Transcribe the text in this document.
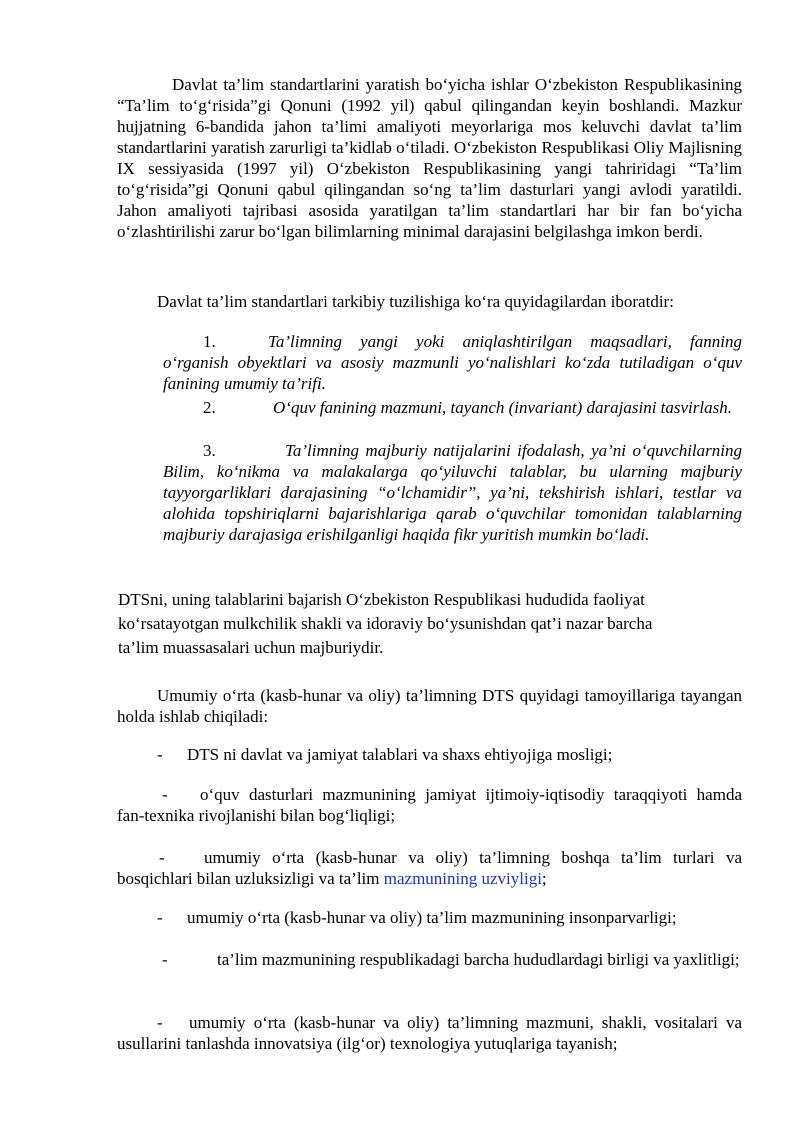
Davlat ta’lim standartlarini yaratish bo‘yicha ishlar O‘zbekiston Respublikasining “Ta’lim to‘g‘risida”gi Qonuni (1992 yil) qabul qilingandan keyin boshlandi. Mazkur hujjatning 6-bandida jahon ta’limi amaliyoti meyorlariga mos keluvchi davlat ta’lim standartlarini yaratish zarurligi ta’kidlab o‘tiladi. O‘zbekiston Respublikasi Oliy Majlisning IX sessiyasida (1997 yil) O‘zbekiston Respublikasining yangi tahriridagi “Ta’lim to‘g‘risida”gi Qonuni qabul qilingandan so‘ng ta’lim dasturlari yangi avlodi yaratildi. Jahon amaliyoti tajribasi asosida yaratilgan ta’lim standartlari har bir fan bo‘yicha o‘zlashtirilishi zarur bo‘lgan bilimlarning minimal darajasini belgilashga imkon berdi.

Davlat ta’lim standartlari tarkibiy tuzilishiga ko‘ra quyidagilardan iboratdir:

1.	Ta’limning yangi yoki aniqlashtirilgan maqsadlari, fanning o‘rganish obyektlari va asosiy mazmunli yo‘nalishlari ko‘zda tutiladigan o‘quv fanining umumiy ta’rifi.

2.	O‘quv fanining mazmuni, tayanch (invariant) darajasini tasvirlash.

3.	Ta’limning majburiy natijalarini ifodalash, ya’ni o‘quvchilarning Bilim, ko‘nikma va malakalarga qo‘yiluvchi talablar, bu ularning majburiy tayyorgarliklari darajasining “o‘lchamidir”, ya’ni, tekshirish ishlari, testlar va alohida topshiriqlarni bajarishlariga qarab o‘quvchilar tomonidan talablarning majburiy darajasiga erishilganligi haqida fikr yuritish mumkin bo‘ladi.

DTSni, uning talablarini bajarish O‘zbekiston Respublikasi hududida faoliyat
ko‘rsatayotgan mulkchilik shakli va idoraviy bo‘ysunishdan qat’i nazar barcha
ta’lim muassasalari uchun majburiydir.

Umumiy o‘rta (kasb-hunar va oliy) ta’limning DTS quyidagi tamoyillariga tayangan holda ishlab chiqiladi:

- DTS ni davlat va jamiyat talablari va shaxs ehtiyojiga mosligi;

- o‘quv dasturlari mazmunining jamiyat ijtimoiy-iqtisodiy taraqqiyoti hamda fan-texnika rivojlanishi bilan bog‘liqligi;

- umumiy o‘rta (kasb-hunar va oliy) ta’limning boshqa ta’lim turlari va bosqichlari bilan uzluksizligi va ta’lim mazmunining uzviyligi;

- umumiy o‘rta (kasb-hunar va oliy) ta’lim mazmunining insonparvarligi;

-	ta’lim mazmunining respublikadagi barcha hududlardagi birligi va yaxlitligi;

- umumiy o‘rta (kasb-hunar va oliy) ta’limning mazmuni, shakli, vositalari va usullarini tanlashda innovatsiya (ilg‘or) texnologiya yutuqlariga tayanish;
